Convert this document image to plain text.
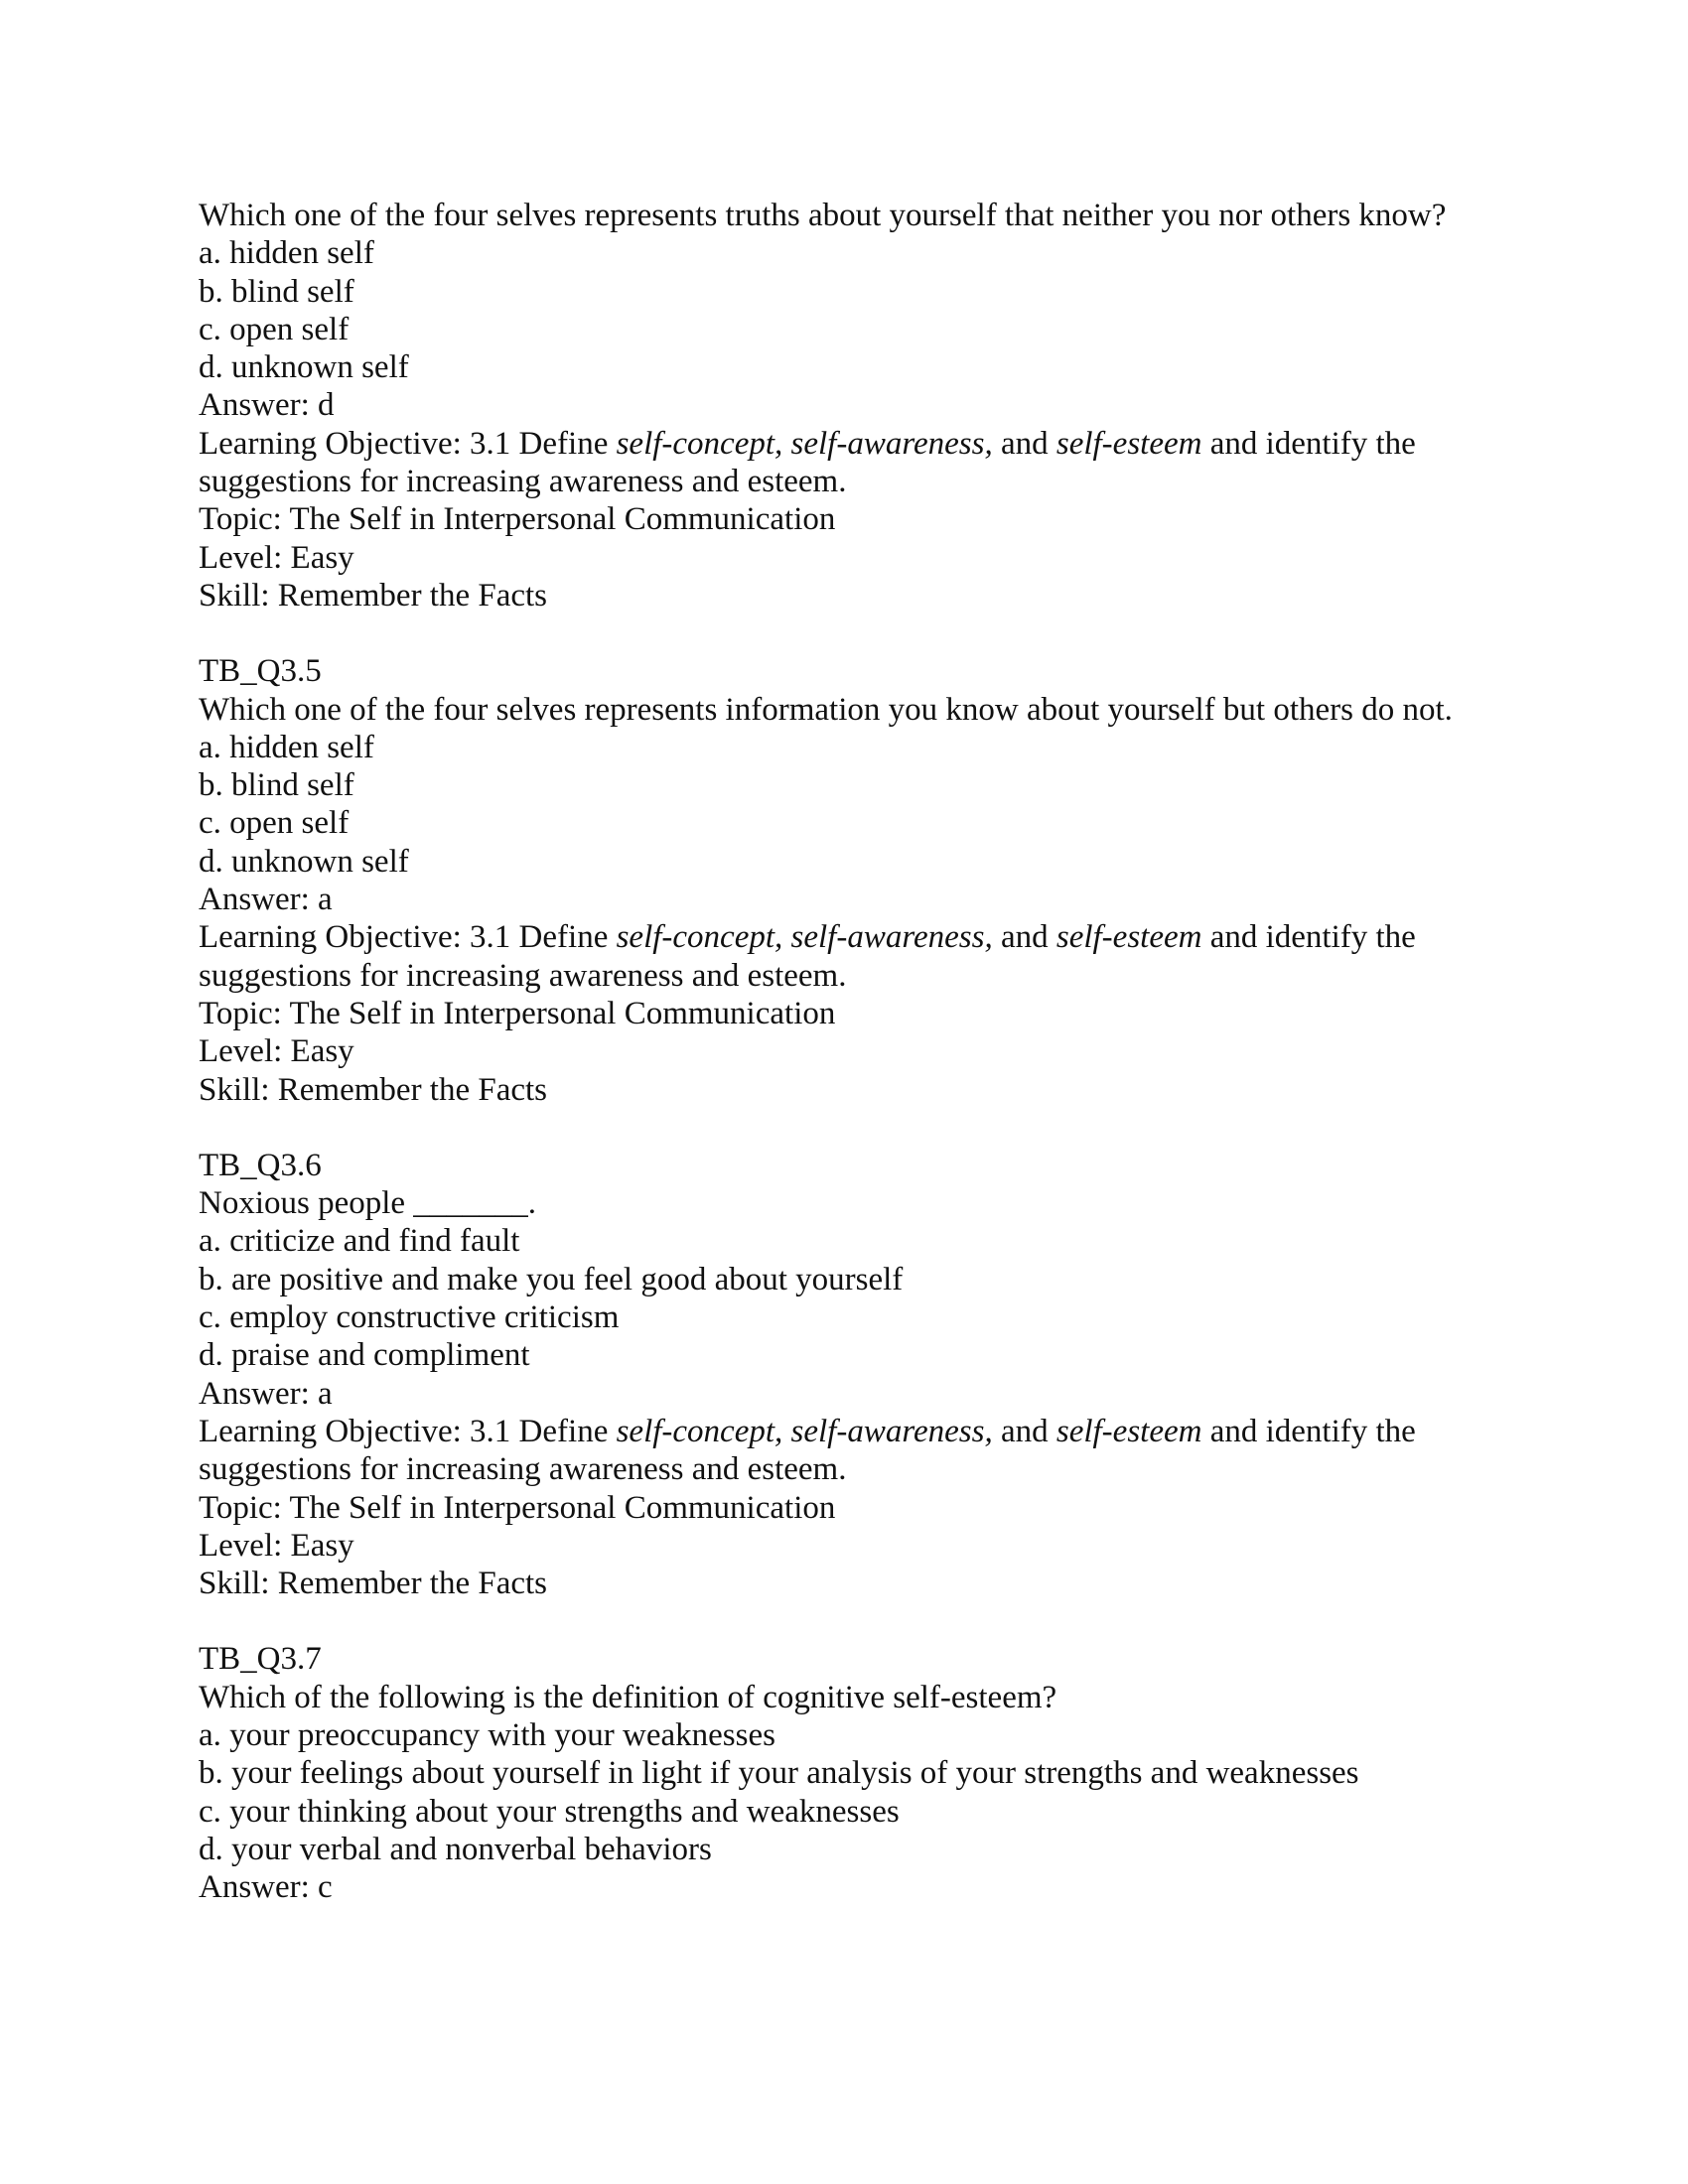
Which one of the four selves represents truths about yourself that neither you nor others know?
a. hidden self
b. blind self
c. open self
d. unknown self
Answer: d
Learning Objective: 3.1 Define self-concept, self-awareness, and self-esteem and identify the
suggestions for increasing awareness and esteem.
Topic: The Self in Interpersonal Communication
Level: Easy
Skill: Remember the Facts
TB_Q3.5
Which one of the four selves represents information you know about yourself but others do not.
a. hidden self
b. blind self
c. open self
d. unknown self
Answer: a
Learning Objective: 3.1 Define self-concept, self-awareness, and self-esteem and identify the
suggestions for increasing awareness and esteem.
Topic: The Self in Interpersonal Communication
Level: Easy
Skill: Remember the Facts
TB_Q3.6
Noxious people _______.
a. criticize and find fault
b. are positive and make you feel good about yourself
c. employ constructive criticism
d. praise and compliment
Answer: a
Learning Objective: 3.1 Define self-concept, self-awareness, and self-esteem and identify the
suggestions for increasing awareness and esteem.
Topic: The Self in Interpersonal Communication
Level: Easy
Skill: Remember the Facts
TB_Q3.7
Which of the following is the definition of cognitive self-esteem?
a. your preoccupancy with your weaknesses
b. your feelings about yourself in light if your analysis of your strengths and weaknesses
c. your thinking about your strengths and weaknesses
d. your verbal and nonverbal behaviors
Answer: c
